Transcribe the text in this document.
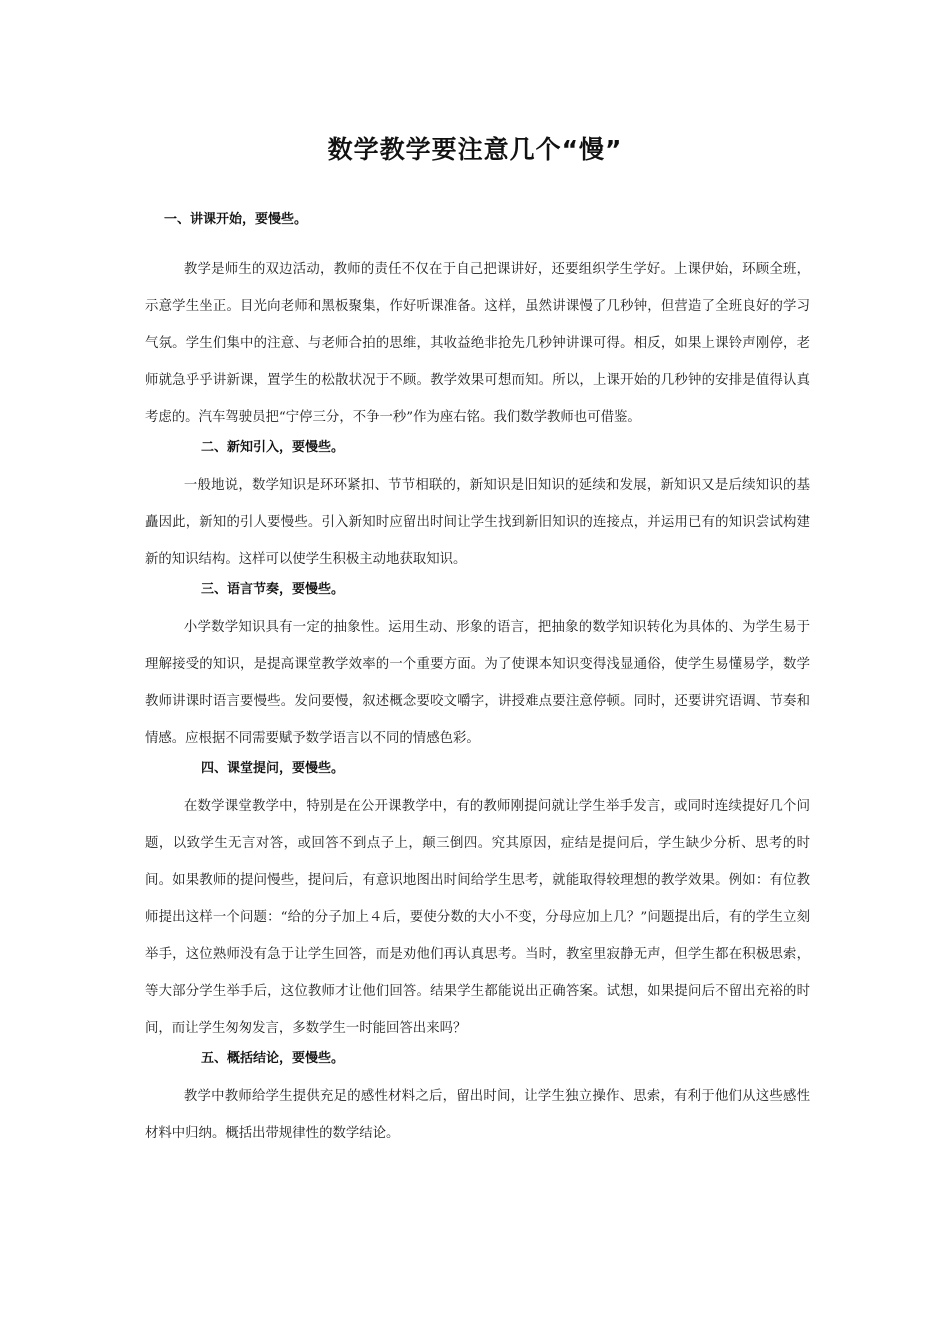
数学教学要注意几个“慢”
一、讲课开始，要慢些。

教学是师生的双边活动，教师的责任不仅在于自己把课讲好，还要组织学生学好。上课伊始，环顾全班，示意学生坐正。目光向老师和黑板聚集，作好听课准备。这样，虽然讲课慢了几秒钟，但营造了全班良好的学习气氛。学生们集中的注意、与老师合拍的思维，其收益绝非抢先几秒钟讲课可得。相反，如果上课铃声刚停，老师就急乎乎讲新课，置学生的松散状况于不顾。教学效果可想而知。所以，上课开始的几秒钟的安排是值得认真考虑的。汽车驾驶员把“宁停三分，不争一秒”作为座右铭。我们数学教师也可借鉴。

二、新知引入，要慢些。

一般地说，数学知识是环环紧扣、节节相联的，新知识是旧知识的延续和发展，新知识又是后续知识的基矗因此，新知的引人要慢些。引入新知时应留出时间让学生找到新旧知识的连接点，并运用已有的知识尝试构建新的知识结构。这样可以使学生积极主动地获取知识。

三、语言节奏，要慢些。

小学数学知识具有一定的抽象性。运用生动、形象的语言，把抽象的数学知识转化为具体的、为学生易于理解接受的知识，是提高课堂教学效率的一个重要方面。为了使课本知识变得浅显通俗，使学生易懂易学，数学教师讲课时语言要慢些。发问要慢，叙述概念要咬文嚼字，讲授难点要注意停顿。同时，还要讲究语调、节奏和情感。应根据不同需要赋予数学语言以不同的情感色彩。

四、课堂提问，要慢些。

在数学课堂教学中，特别是在公开课教学中，有的教师刚提问就让学生举手发言，或同时连续提好几个问题，以致学生无言对答，或回答不到点子上，颠三倒四。究其原因，症结是提问后，学生缺少分析、思考的时间。如果教师的提问慢些，提问后，有意识地图出时间给学生思考，就能取得较理想的教学效果。例如：有位教师提出这样一个问题：“给的分子加上４后，要使分数的大小不变，分母应加上几？”问题提出后，有的学生立刻举手，这位熟师没有急于让学生回答，而是劝他们再认真思考。当时，教室里寂静无声，但学生都在积极思索，等大部分学生举手后，这位教师才让他们回答。结果学生都能说出正确答案。试想，如果提问后不留出充裕的时间，而让学生匆匆发言，多数学生一时能回答出来吗？

五、概括结论，要慢些。

教学中教师给学生提供充足的感性材料之后，留出时间，让学生独立操作、思索，有利于他们从这些感性材料中归纳。概括出带规律性的数学结论。
